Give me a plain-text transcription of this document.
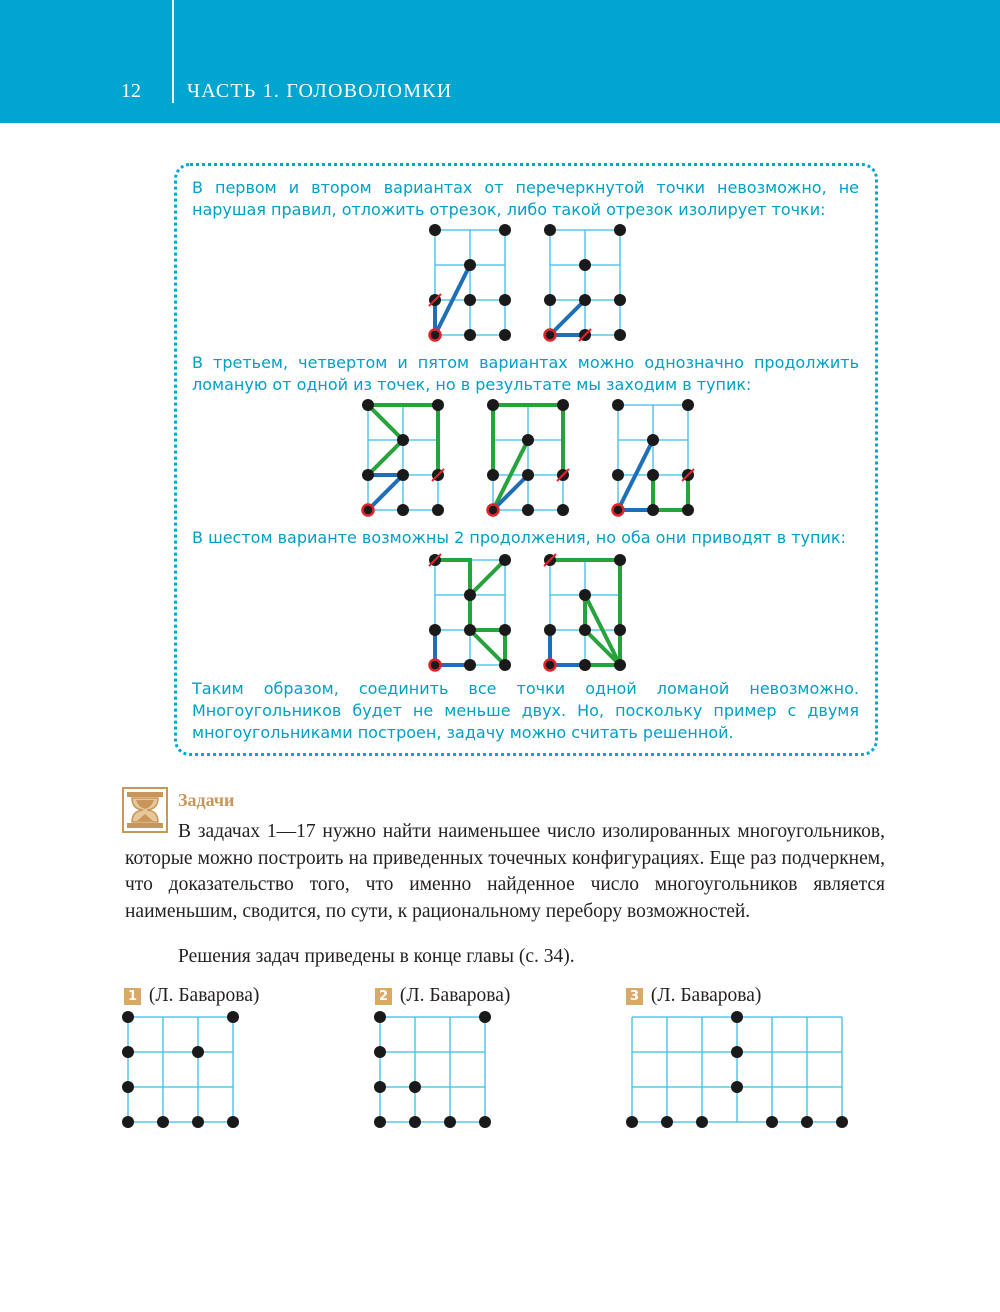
12 ЧАСТЬ 1. ГОЛОВОЛОМКИ

В первом и втором вариантах от перечеркнутой точки невозможно, не нарушая правил, отложить отрезок, либо такой отрезок изолирует точки:

В третьем, четвертом и пятом вариантах можно однозначно продолжить ломаную от одной из точек, но в результате мы заходим в тупик:

В шестом варианте возможны 2 продолжения, но оба они приводят в тупик:

Таким образом, соединить все точки одной ломаной невозможно. Многоугольников будет не меньше двух. Но, поскольку пример с двумя многоугольниками построен, задачу можно считать решенной.

Задачи

В задачах 1—17 нужно найти наименьшее число изолированных многоугольников, которые можно построить на приведенных точечных конфигурациях. Еще раз подчеркнем, что доказательство того, что именно найденное число многоугольников является наименьшим, сводится, по сути, к рациональному перебору возможностей.

Решения задач приведены в конце главы (с. 34).

1 (Л. Баварова)	2 (Л. Баварова)	3 (Л. Баварова)
